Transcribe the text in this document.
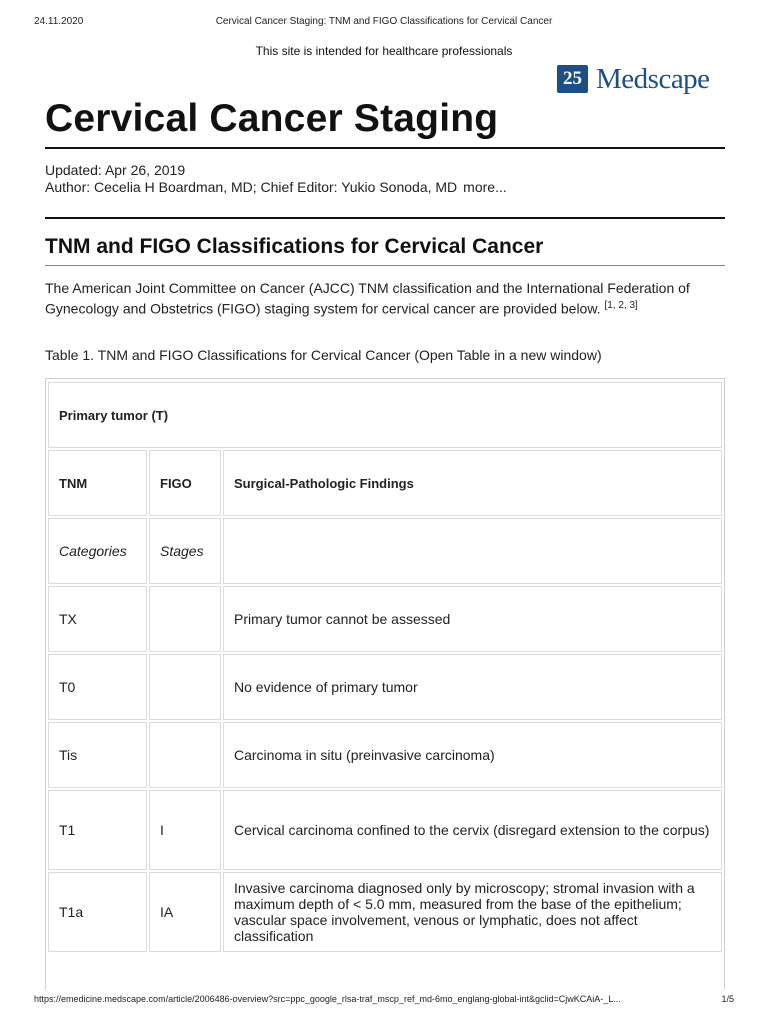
24.11.2020	Cervical Cancer Staging: TNM and FIGO Classifications for Cervical Cancer
This site is intended for healthcare professionals
25 Medscape
Cervical Cancer Staging
Updated: Apr 26, 2019
Author: Cecelia H Boardman, MD; Chief Editor: Yukio Sonoda, MD more...
TNM and FIGO Classifications for Cervical Cancer

The American Joint Committee on Cancer (AJCC) TNM classification and the International Federation of Gynecology and Obstetrics (FIGO) staging system for cervical cancer are provided below. [1, 2, 3]

Table 1. TNM and FIGO Classifications for Cervical Cancer (Open Table in a new window)
Primary tumor (T)		
TNM	FIGO	Surgical-Pathologic Findings
Categories	Stages	
TX		Primary tumor cannot be assessed
T0		No evidence of primary tumor
Tis		Carcinoma in situ (preinvasive carcinoma)
T1	I	Cervical carcinoma confined to the cervix (disregard extension to the corpus)
T1a	IA	Invasive carcinoma diagnosed only by microscopy; stromal invasion with a maximum depth of < 5.0 mm, measured from the base of the epithelium; vascular space involvement, venous or lymphatic, does not affect classification
https://emedicine.medscape.com/article/2006486-overview?src=ppc_google_rlsa-traf_mscp_ref_md-6mo_englang-global-int&gclid=CjwKCAiA-_L...	1/5
